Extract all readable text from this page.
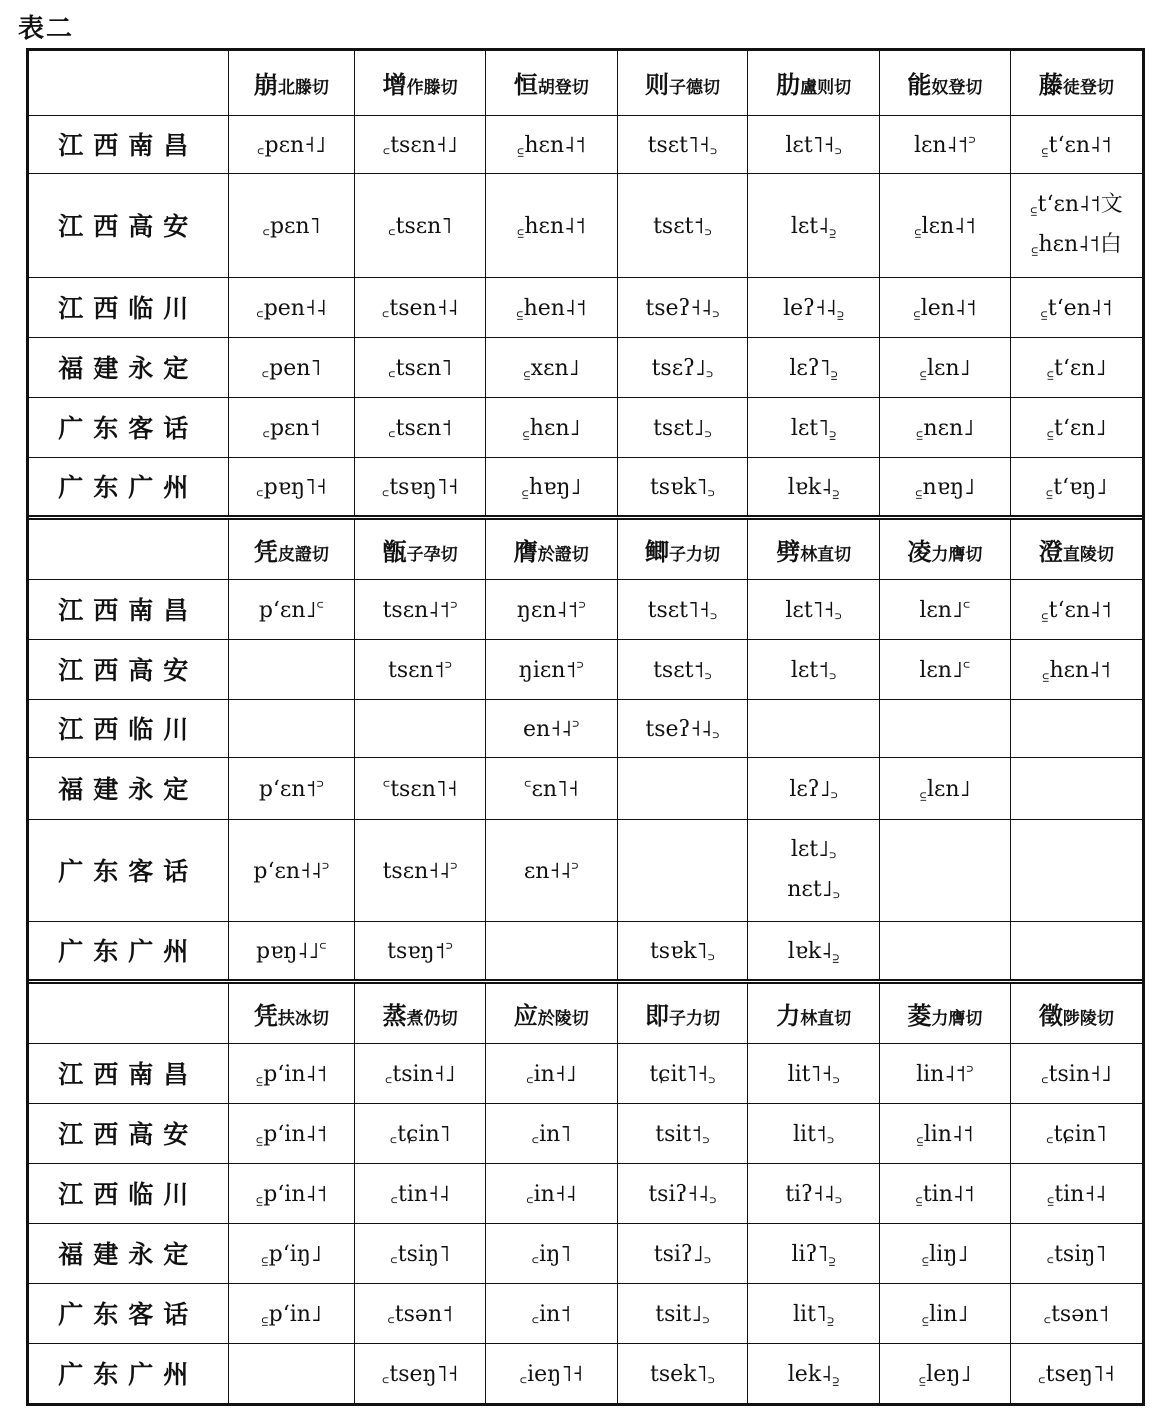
表二
	崩北滕切	增作滕切	恒胡登切	则子德切	肋盧则切	能奴登切	藤徒登切
江西南昌	꜀pɛn˧˩	꜀tsɛn˧˩	꜁hɛn˨˦	tsɛt˥˧꜆	lɛt˥˧꜆	lɛn˨˦꜄	꜁t‘ɛn˨˦
江西高安	꜀pɛn˥	꜀tsɛn˥	꜁hɛn˨˦	tsɛt˦꜆	lɛt˨꜇	꜁lɛn˨˦	꜁t‘ɛn˨˦文
꜁hɛn˨˦白

江西临川	꜀pen˧˨	꜀tsen˧˨	꜁hen˨˦	tseʔ˧˨꜆	leʔ˧˨꜇	꜁len˨˦	꜁t‘en˨˦
福建永定	꜀pen˥	꜀tsɛn˥	꜁xɛn˩	tsɛʔ˩꜆	lɛʔ˥꜇	꜁lɛn˩	꜁t‘ɛn˩
广东客话	꜀pɛn˦	꜀tsɛn˦	꜁hɛn˩	tsɛt˩꜆	lɛt˥꜇	꜁nɛn˩	꜁t‘ɛn˩
广东广州	꜀pɐŋ˥˧	꜀tsɐŋ˥˧	꜁hɐŋ˩	tsɐk˥꜆	lɐk˨꜇	꜁nɐŋ˩	꜁t‘ɐŋ˩
	凭皮證切	甑子孕切	膺於證切	鲫子力切	劈林直切	凌力膺切	澄直陵切
江西南昌	p‘ɛn˩꜂	tsɛn˨˦꜄	ŋɛn˨˦꜄	tsɛt˥˧꜆	lɛt˥˧꜆	lɛn˩꜂	꜁t‘ɛn˨˦
江西高安		tsɛn˦꜄	ŋiɛn˦꜄	tsɛt˦꜆	lɛt˦꜆	lɛn˩꜂	꜁hɛn˨˦
江西临川			en˧˨꜄	tseʔ˧˨꜆			
福建永定	p‘ɛn˦꜄	꜂tsɛn˥˧	꜂ɛn˥˧		lɛʔ˩꜆	꜁lɛn˩	
广东客话	p‘ɛn˧˨꜄	tsɛn˧˨꜄	ɛn˧˨꜄		lɛt˩꜆
nɛt˩꜆		

广东广州	pɐŋ˨˩꜂	tsɐŋ˦꜄		tsɐk˥꜆	lɐk˨꜇		
	凭扶冰切	蒸煮仍切	应於陵切	即子力切	力林直切	菱力膺切	徵陟陵切
江西南昌	꜁p‘in˨˦	꜀tsin˧˩	꜀in˧˩	tɕit˥˧꜆	lit˥˧꜆	lin˨˦꜄	꜀tsin˧˩
江西高安	꜁p‘in˨˦	꜀tɕin˥	꜀in˥	tsit˦꜆	lit˦꜆	꜁lin˨˦	꜀tɕin˥
江西临川	꜁p‘in˨˦	꜀tin˧˨	꜀in˧˨	tsiʔ˧˨꜆	tiʔ˧˨꜆	꜁tin˨˦	꜁tin˧˨
福建永定	꜁p‘iŋ˩	꜀tsiŋ˥	꜀iŋ˥	tsiʔ˩꜆	liʔ˥꜇	꜁liŋ˩	꜀tsiŋ˥
广东客话	꜁p‘in˩	꜀tsən˦	꜀in˦	tsit˩꜆	lit˥꜇	꜁lin˩	꜀tsən˦
广东广州		꜀tseŋ˥˧	꜀ieŋ˥˧	tsek˥꜆	lek˨꜇	꜁leŋ˩	꜀tseŋ˥˧
